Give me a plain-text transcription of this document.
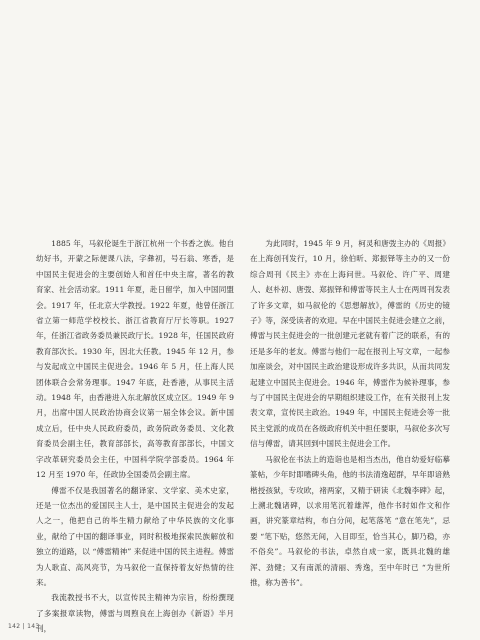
1885 年，马叙伦诞生于浙江杭州一个书香之族。他自幼好书，开蒙之际便课八法，字彝初，号石翁、寒香，是中国民主促进会的主要创始人和首任中央主席，著名的教育家、社会活动家。1911 年夏，赴日留学，加入中国同盟会。1917 年，任北京大学教授。1922 年夏，他曾任浙江省立第一师范学校校长、浙江省教育厅厅长等职。1927 年，任浙江省政务委员兼民政厅长。1928 年，任国民政府教育部次长。1930 年，因北大任教。1945 年 12 月，参与发起成立中国民主促进会。1946 年 5 月，任上海人民团体联合会常务理事。1947 年底，赴香港，从事民主活动。1948 年，由香港进入东北解放区成立区。1949 年 9 月，出席中国人民政治协商会议第一届全体会议。新中国成立后，任中央人民政府委员，政务院政务委员、文化教育委员会副主任，教育部部长，高等教育部部长，中国文字改革研究委员会主任，中国科学院学部委员。1964 年 12 月至 1970 年，任政协全国委员会副主席。

傅雷不仅是我国著名的翻译家、文学家、美术史家，还是一位杰出的爱国民主人士，是中国民主促进会的发起人之一，他把自己的毕生精力献给了中华民族的文化事业，献给了中国的翻译事业，同时积极地探索民族解放和独立的道路，以 “傅雷精神” 来促进中国的民主进程。傅雷为人耿直、高风亮节，为马叙伦一直保持着友好热情的往来。

我流教授书不大，以宣传民主精神为宗旨，纷纷撰现了多案报章读物，傅雷与周煦良在上海创办《新语》半月刊，

为此同时，1945 年 9 月，柯灵和唐弢主办的《周报》在上海创刊发行，10 月，徐伯昕、郑振铎等主办的又一份综合周刊《民主》亦在上海问世。马叙伦、许广平、周建人、赵朴初、唐弢、郑振铎和傅雷等民主人士在两周刊发表了许多文章，如马叙伦的《思想解放》，傅雷的《历史的镜子》等，深受读者的欢迎。早在中国民主促进会建立之前，傅雷与民主促进会的一批创建元老就有着广泛的联系，有的还是多年的老友。傅雷与他们一起在报刊上写文章，一起参加座谈会，对中国民主政治建设形成许多共识，从而共同发起建立中国民主促进会。1946 年，傅雷作为候补理事，参与了中国民主促进会的早期组织建设工作，在有关报刊上发表文章，宣传民主政治。1949 年，中国民主促进会等一批民主党派的成员在各级政府机关中担任要职，马叙伦多次写信与傅雷，请其回到中国民主促进会工作。

马叙伦在书法上的造诣也是相当杰出，他自幼爱好临摹篆帖，少年时即嗜碑头角，他的书法清逸超群，早年即谙熟楷授孩狱，专攻欧，褚两家，又精于研读《北魏李碑》起，上溯北魏诸碑，以求用笔沉着雄浑，他作书时如作文和作画，讲究篆章结构，布白分间，起笔落笔 “意在笔先”，忌要 “笔下贴，悠然无间，入目即至，恰当其心，脚乃稳，亦不俗矣”。马叙伦的书法，卓然自成一家，既具北魏的雄浑、劲健；又有南派的清丽、秀逸，至中年时已 “为世所推，称为善书”。

142 | 143
